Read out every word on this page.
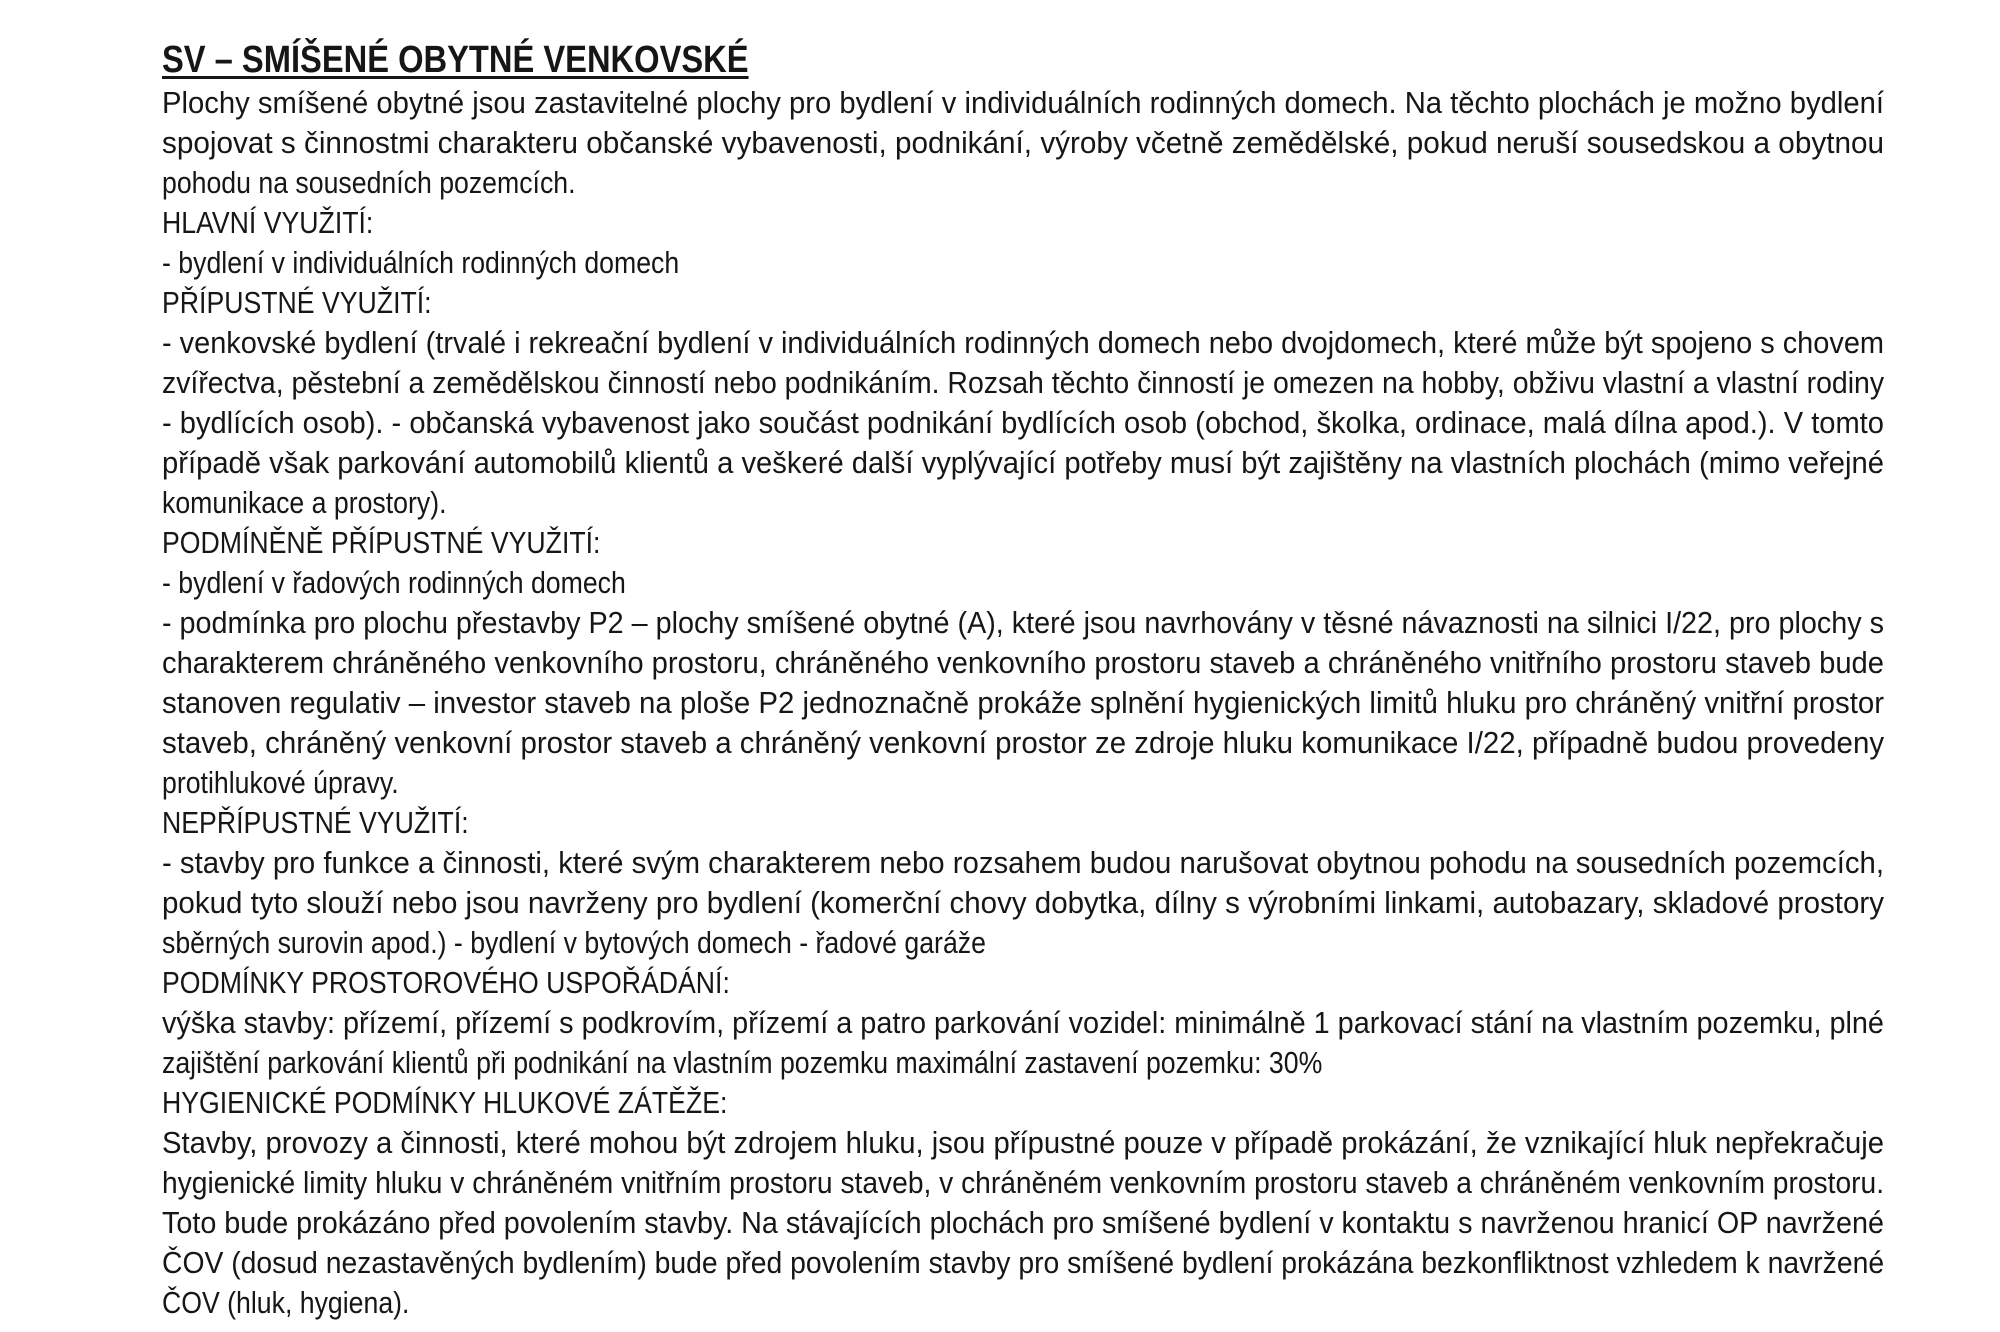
SV – SMÍŠENÉ OBYTNÉ VENKOVSKÉ
Plochy smíšené obytné jsou zastavitelné plochy pro bydlení v individuálních rodinných domech. Na těchto plochách je možno bydlení
spojovat s činnostmi charakteru občanské vybavenosti, podnikání, výroby včetně zemědělské, pokud neruší sousedskou a obytnou
pohodu na sousedních pozemcích.
HLAVNÍ VYUŽITÍ:
- bydlení v individuálních rodinných domech
PŘÍPUSTNÉ VYUŽITÍ:
- venkovské bydlení (trvalé i rekreační bydlení v individuálních rodinných domech nebo dvojdomech, které může být spojeno s chovem
zvířectva, pěstební a zemědělskou činností nebo podnikáním. Rozsah těchto činností je omezen na hobby, obživu vlastní a vlastní rodiny
- bydlících osob). - občanská vybavenost jako součást podnikání bydlících osob (obchod, školka, ordinace, malá dílna apod.). V tomto
případě však parkování automobilů klientů a veškeré další vyplývající potřeby musí být zajištěny na vlastních plochách (mimo veřejné
komunikace a prostory).
PODMÍNĚNĚ PŘÍPUSTNÉ VYUŽITÍ:
- bydlení v řadových rodinných domech
- podmínka pro plochu přestavby P2 – plochy smíšené obytné (A), které jsou navrhovány v těsné návaznosti na silnici I/22, pro plochy s
charakterem chráněného venkovního prostoru, chráněného venkovního prostoru staveb a chráněného vnitřního prostoru staveb bude
stanoven regulativ – investor staveb na ploše P2 jednoznačně prokáže splnění hygienických limitů hluku pro chráněný vnitřní prostor
staveb, chráněný venkovní prostor staveb a chráněný venkovní prostor ze zdroje hluku komunikace I/22, případně budou provedeny
protihlukové úpravy.
NEPŘÍPUSTNÉ VYUŽITÍ:
- stavby pro funkce a činnosti, které svým charakterem nebo rozsahem budou narušovat obytnou pohodu na sousedních pozemcích,
pokud tyto slouží nebo jsou navrženy pro bydlení (komerční chovy dobytka, dílny s výrobními linkami, autobazary, skladové prostory
sběrných surovin apod.) - bydlení v bytových domech - řadové garáže
PODMÍNKY PROSTOROVÉHO USPOŘÁDÁNÍ:
výška stavby: přízemí, přízemí s podkrovím, přízemí a patro parkování vozidel: minimálně 1 parkovací stání na vlastním pozemku, plné
zajištění parkování klientů při podnikání na vlastním pozemku maximální zastavení pozemku: 30%
HYGIENICKÉ PODMÍNKY HLUKOVÉ ZÁTĚŽE:
Stavby, provozy a činnosti, které mohou být zdrojem hluku, jsou přípustné pouze v případě prokázání, že vznikající hluk nepřekračuje
hygienické limity hluku v chráněném vnitřním prostoru staveb, v chráněném venkovním prostoru staveb a chráněném venkovním prostoru.
Toto bude prokázáno před povolením stavby. Na stávajících plochách pro smíšené bydlení v kontaktu s navrženou hranicí OP navržené
ČOV (dosud nezastavěných bydlením) bude před povolením stavby pro smíšené bydlení prokázána bezkonfliktnost vzhledem k navržené
ČOV (hluk, hygiena).
